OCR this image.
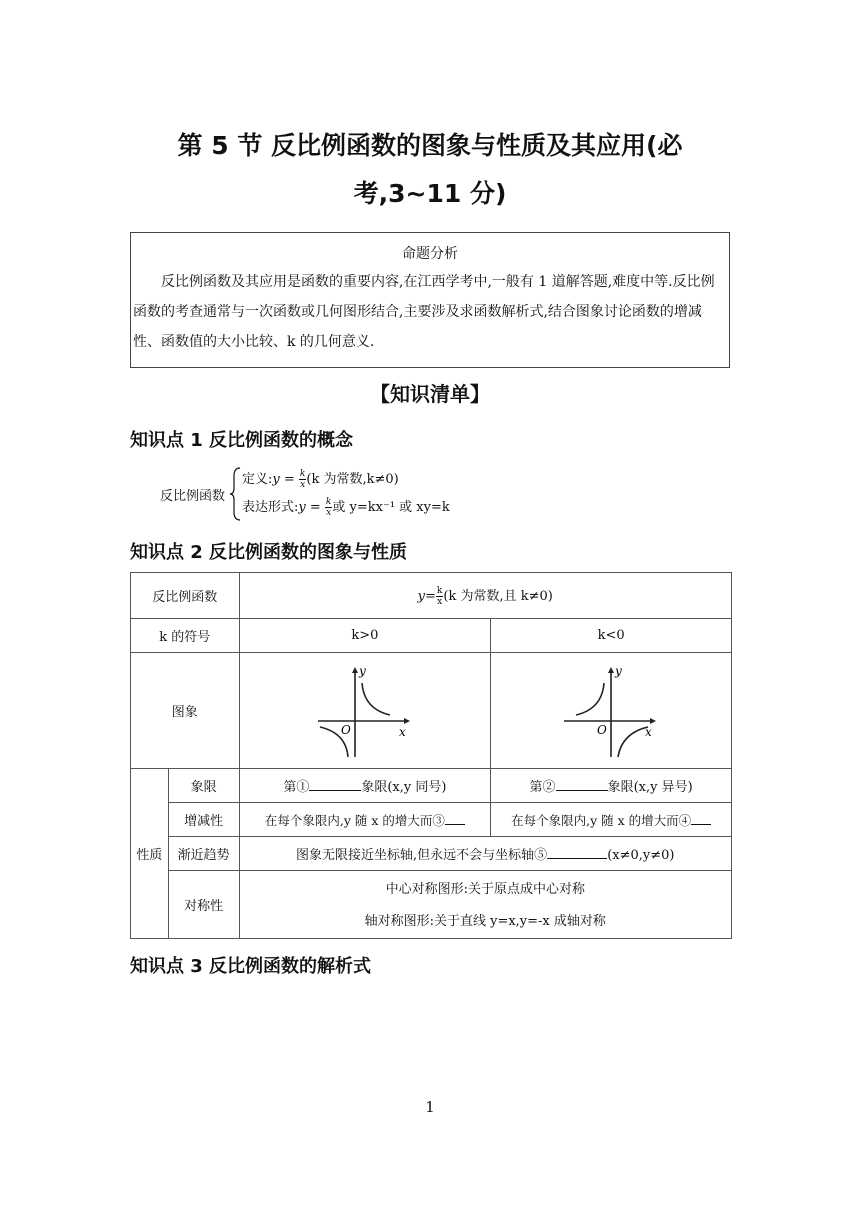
第 5 节 反比例函数的图象与性质及其应用(必
考,3~11 分)
命题分析
反比例函数及其应用是函数的重要内容,在江西学考中,一般有 1 道解答题,难度中等.反比例函数的考查通常与一次函数或几何图形结合,主要涉及求函数解析式,结合图象讨论函数的增减性、函数值的大小比较、k 的几何意义.
【知识清单】
知识点 1 反比例函数的概念
反比例函数
定义:y = $\frac{k}{x} (k$ 为常数,k≠0)
表达形式:y = $\frac{k}{x}$ 或 y=kx⁻¹ 或 xy=k
知识点 2 反比例函数的图象与性质
反比例函数		$y= \frac{k}{x} (k$ 为常数,且 k≠0)	
k 的符号		k>0	k<0
图象		y
x
O	y
x
O

性质	象限	第① 象限(x,y 同号)	第② 象限(x,y 异号)
	增减性	在每个象限内,y 随 x 的增大而③	在每个象限内,y 随 x 的增大而④
	渐近趋势	图象无限接近坐标轴,但永远不会与坐标轴⑤ (x≠0,y≠0)	
	对称性	中心对称图形:关于原点成中心对称
轴对称图形:关于直线 y=x,y=-x 成轴对称	
知识点 3 反比例函数的解析式
1
